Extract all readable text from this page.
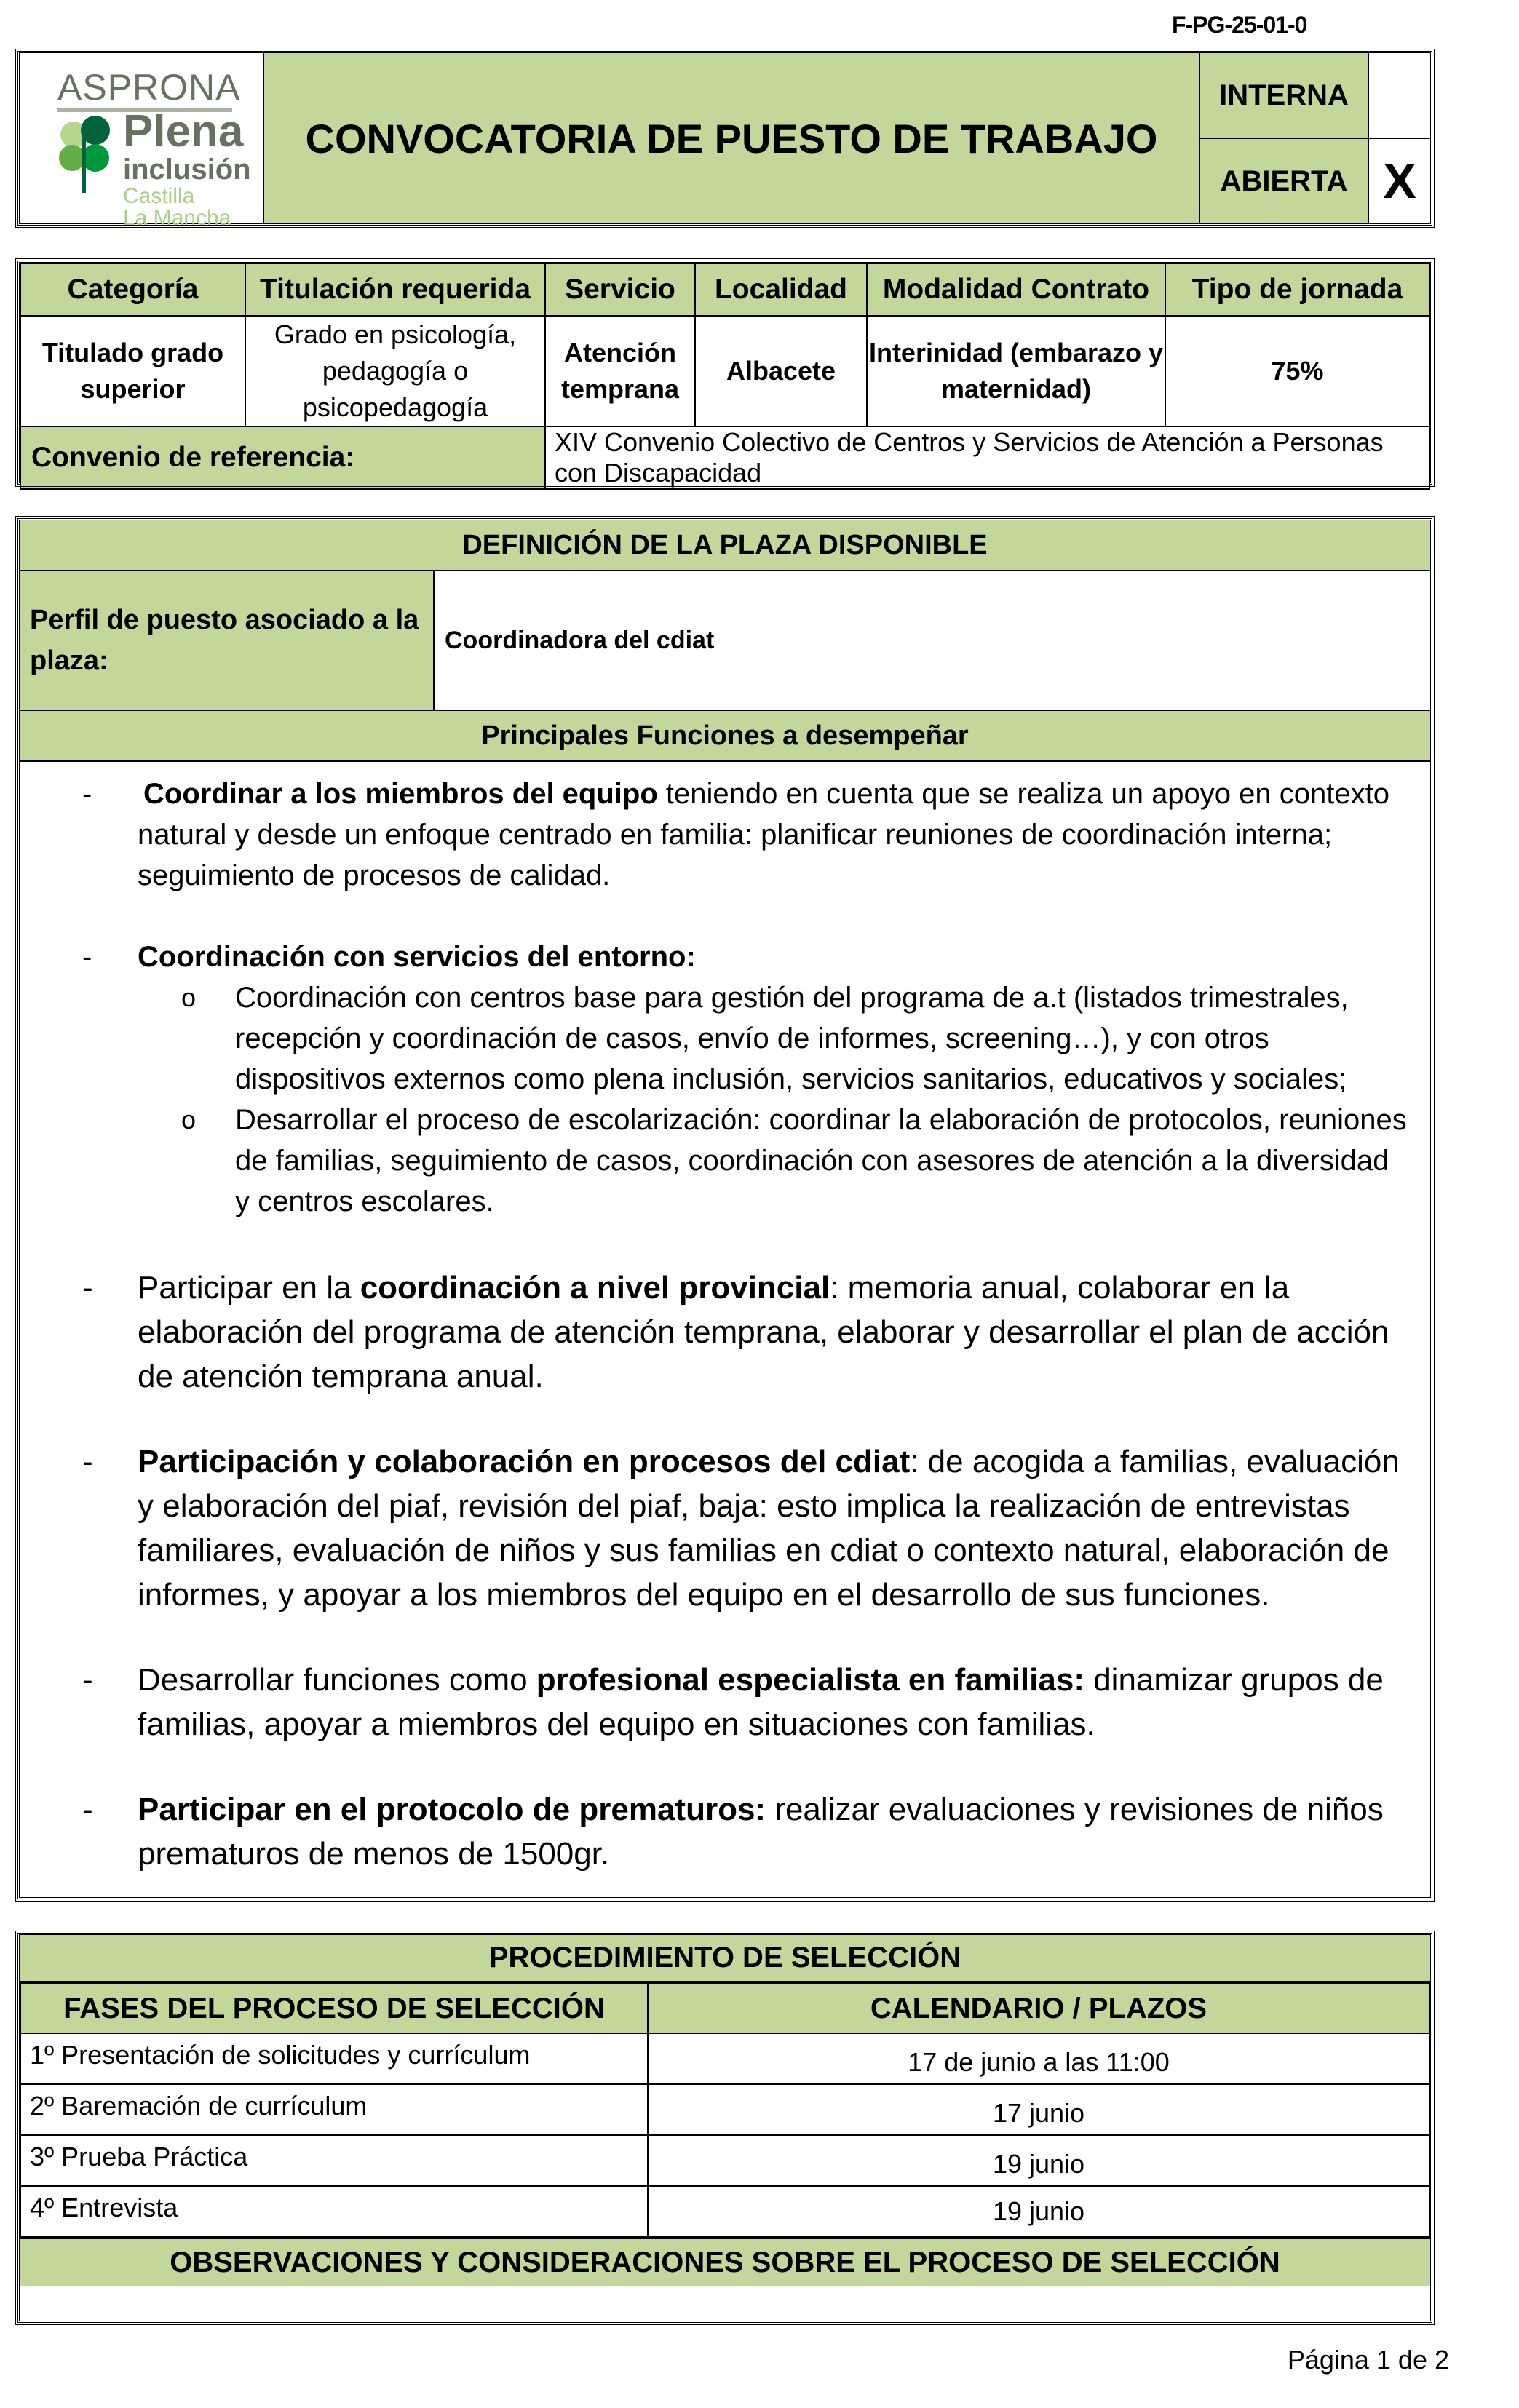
F-PG-25-01-0
ASPRONA
Plena
inclusión
Castilla
La Mancha
CONVOCATORIA DE PUESTO DE TRABAJO
INTERNA
ABIERTA X
Categoría	Titulación requerida	Servicio	Localidad	Modalidad Contrato	Tipo de jornada
Titulado grado superior	Grado en psicología, pedagogía o psicopedagogía	Atención temprana	Albacete	Interinidad (embarazo y maternidad)	75%
Convenio de referencia:		XIV Convenio Colectivo de Centros y Servicios de Atención a Personas con Discapacidad			
DEFINICIÓN DE LA PLAZA DISPONIBLE
Perfil de puesto asociado a la plaza:
Coordinadora del cdiat
Principales Funciones a desempeñar
- Coordinar a los miembros del equipo teniendo en cuenta que se realiza un apoyo en contexto natural y desde un enfoque centrado en familia: planificar reuniones de coordinación interna; seguimiento de procesos de calidad.
- Coordinación con servicios del entorno:
o Coordinación con centros base para gestión del programa de a.t (listados trimestrales, recepción y coordinación de casos, envío de informes, screening…), y con otros dispositivos externos como plena inclusión, servicios sanitarios, educativos y sociales;
o Desarrollar el proceso de escolarización: coordinar la elaboración de protocolos, reuniones de familias, seguimiento de casos, coordinación con asesores de atención a la diversidad y centros escolares.
- Participar en la coordinación a nivel provincial: memoria anual, colaborar en la elaboración del programa de atención temprana, elaborar y desarrollar el plan de acción de atención temprana anual.
- Participación y colaboración en procesos del cdiat: de acogida a familias, evaluación y elaboración del piaf, revisión del piaf, baja: esto implica la realización de entrevistas familiares, evaluación de niños y sus familias en cdiat o contexto natural, elaboración de informes, y apoyar a los miembros del equipo en el desarrollo de sus funciones.
- Desarrollar funciones como profesional especialista en familias: dinamizar grupos de familias, apoyar a miembros del equipo en situaciones con familias.
- Participar en el protocolo de prematuros: realizar evaluaciones y revisiones de niños prematuros de menos de 1500gr.
PROCEDIMIENTO DE SELECCIÓN
FASES DEL PROCESO DE SELECCIÓN	CALENDARIO / PLAZOS
1º Presentación de solicitudes y currículum	17 de junio a las 11:00
2º Baremación de currículum	17 junio
3º Prueba Práctica	19 junio
4º Entrevista	19 junio
OBSERVACIONES Y CONSIDERACIONES SOBRE EL PROCESO DE SELECCIÓN
Página 1 de 2
